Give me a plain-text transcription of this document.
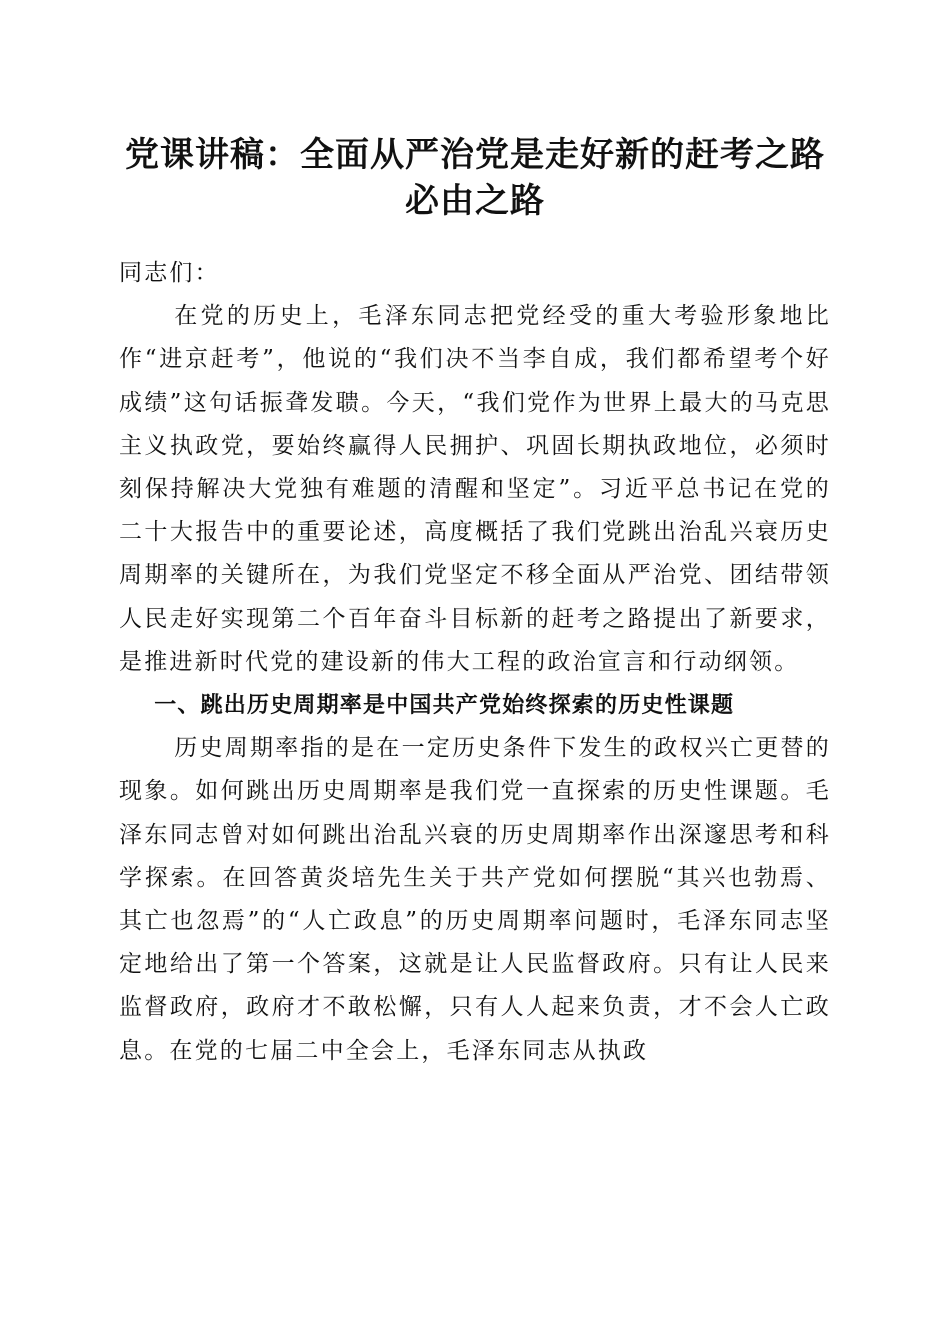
党课讲稿：全面从严治党是走好新的赶考之路
必由之路

同志们：

在党的历史上，毛泽东同志把党经受的重大考验形象地比作“进京赶考”，他说的“我们决不当李自成，我们都希望考个好成绩”这句话振聋发聩。今天，“我们党作为世界上最大的马克思主义执政党，要始终赢得人民拥护、巩固长期执政地位，必须时刻保持解决大党独有难题的清醒和坚定”。习近平总书记在党的二十大报告中的重要论述，高度概括了我们党跳出治乱兴衰历史周期率的关键所在，为我们党坚定不移全面从严治党、团结带领人民走好实现第二个百年奋斗目标新的赶考之路提出了新要求，是推进新时代党的建设新的伟大工程的政治宣言和行动纲领。

一、跳出历史周期率是中国共产党始终探索的历史性课题

历史周期率指的是在一定历史条件下发生的政权兴亡更替的现象。如何跳出历史周期率是我们党一直探索的历史性课题。毛泽东同志曾对如何跳出治乱兴衰的历史周期率作出深邃思考和科学探索。在回答黄炎培先生关于共产党如何摆脱“其兴也勃焉、其亡也忽焉”的“人亡政息”的历史周期率问题时，毛泽东同志坚定地给出了第一个答案，这就是让人民监督政府。只有让人民来监督政府，政府才不敢松懈，只有人人起来负责，才不会人亡政息。在党的七届二中全会上，毛泽东同志从执政
